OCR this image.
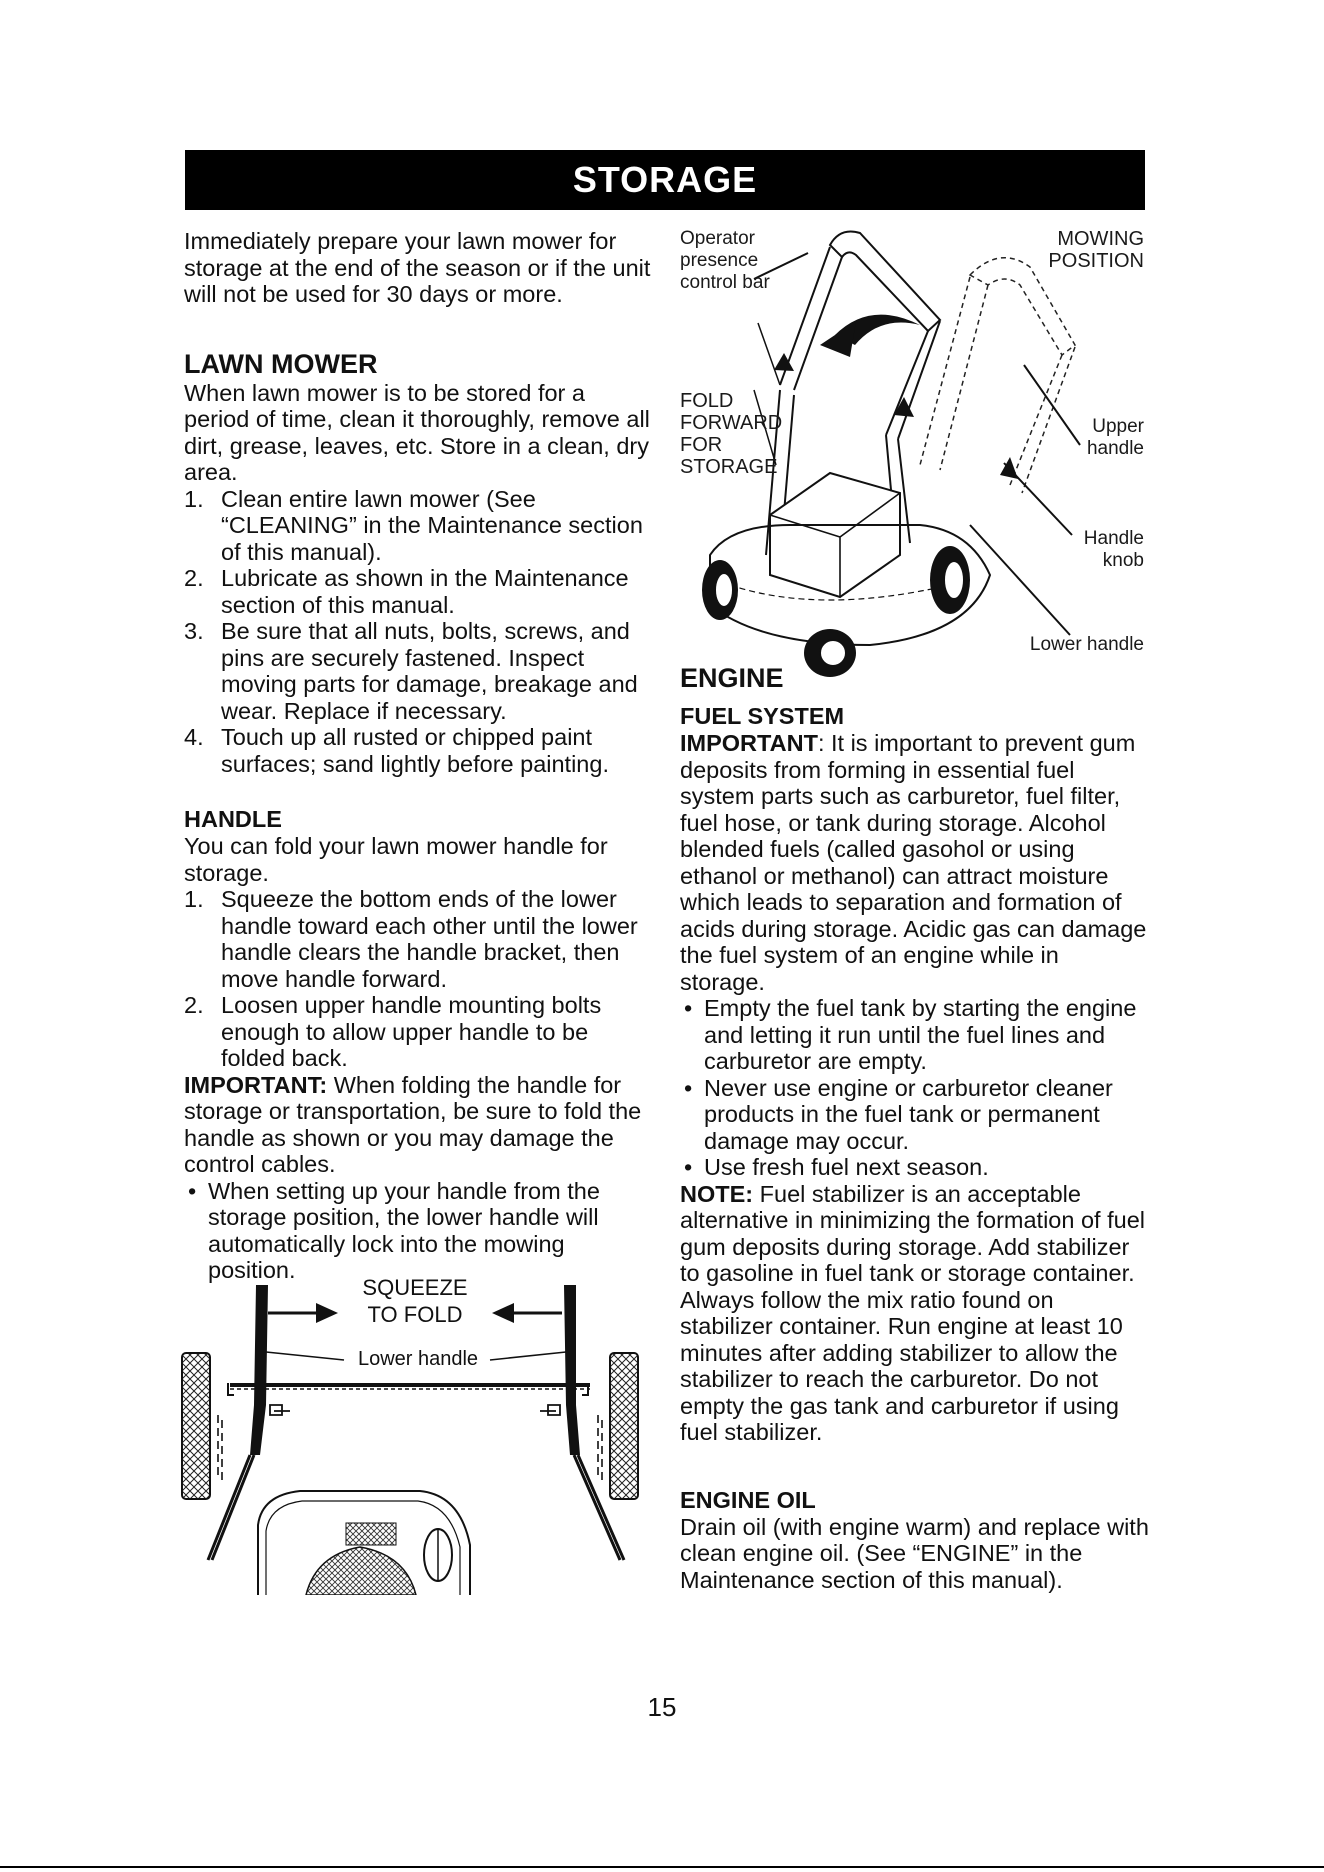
STORAGE

Immediately prepare your lawn mower for storage at the end of the season or if the unit will not be used for 30 days or more.

LAWN MOWER

When lawn mower is to be stored for a period of time, clean it thoroughly, remove all dirt, grease, leaves, etc. Store in a clean, dry area.

1. Clean entire lawn mower (See “CLEANING” in the Maintenance section of this manual).
2. Lubricate as shown in the Maintenance section of this manual.
3. Be sure that all nuts, bolts, screws, and pins are securely fastened. Inspect moving parts for damage, breakage and wear. Replace if necessary.
4. Touch up all rusted or chipped paint surfaces; sand lightly before painting.
HANDLE

You can fold your lawn mower handle for storage.

1. Squeeze the bottom ends of the lower handle toward each other until the lower handle clears the handle bracket, then move handle forward.
2. Loosen upper handle mounting bolts enough to allow upper handle to be folded back.

IMPORTANT: When folding the handle for storage or transportation, be sure to fold the handle as shown or you may damage the control cables.

• When setting up your handle from the storage position, the lower handle will automatically lock into the mowing position.
SQUEEZE
TO FOLD
Lower handle
Operator
presence
control bar
MOWING
POSITION
FOLD
FORWARD
FOR
STORAGE
Upper
handle
Handle
knob
Lower handle
ENGINE
FUEL SYSTEM

IMPORTANT: It is important to prevent gum deposits from forming in essential fuel system parts such as carburetor, fuel filter, fuel hose, or tank during storage. Alcohol blended fuels (called gasohol or using ethanol or methanol) can attract moisture which leads to separation and formation of acids during storage. Acidic gas can damage the fuel system of an engine while in storage.

• Empty the fuel tank by starting the engine and letting it run until the fuel lines and carburetor are empty.
• Never use engine or carburetor cleaner products in the fuel tank or permanent damage may occur.
• Use fresh fuel next season.

NOTE: Fuel stabilizer is an acceptable alternative in minimizing the formation of fuel gum deposits during storage. Add stabilizer to gasoline in fuel tank or storage container. Always follow the mix ratio found on stabilizer container. Run engine at least 10 minutes after adding stabilizer to allow the stabilizer to reach the carburetor. Do not empty the gas tank and carburetor if using fuel stabilizer.

ENGINE OIL

Drain oil (with engine warm) and replace with clean engine oil. (See “ENGINE” in the Maintenance section of this manual).

15
